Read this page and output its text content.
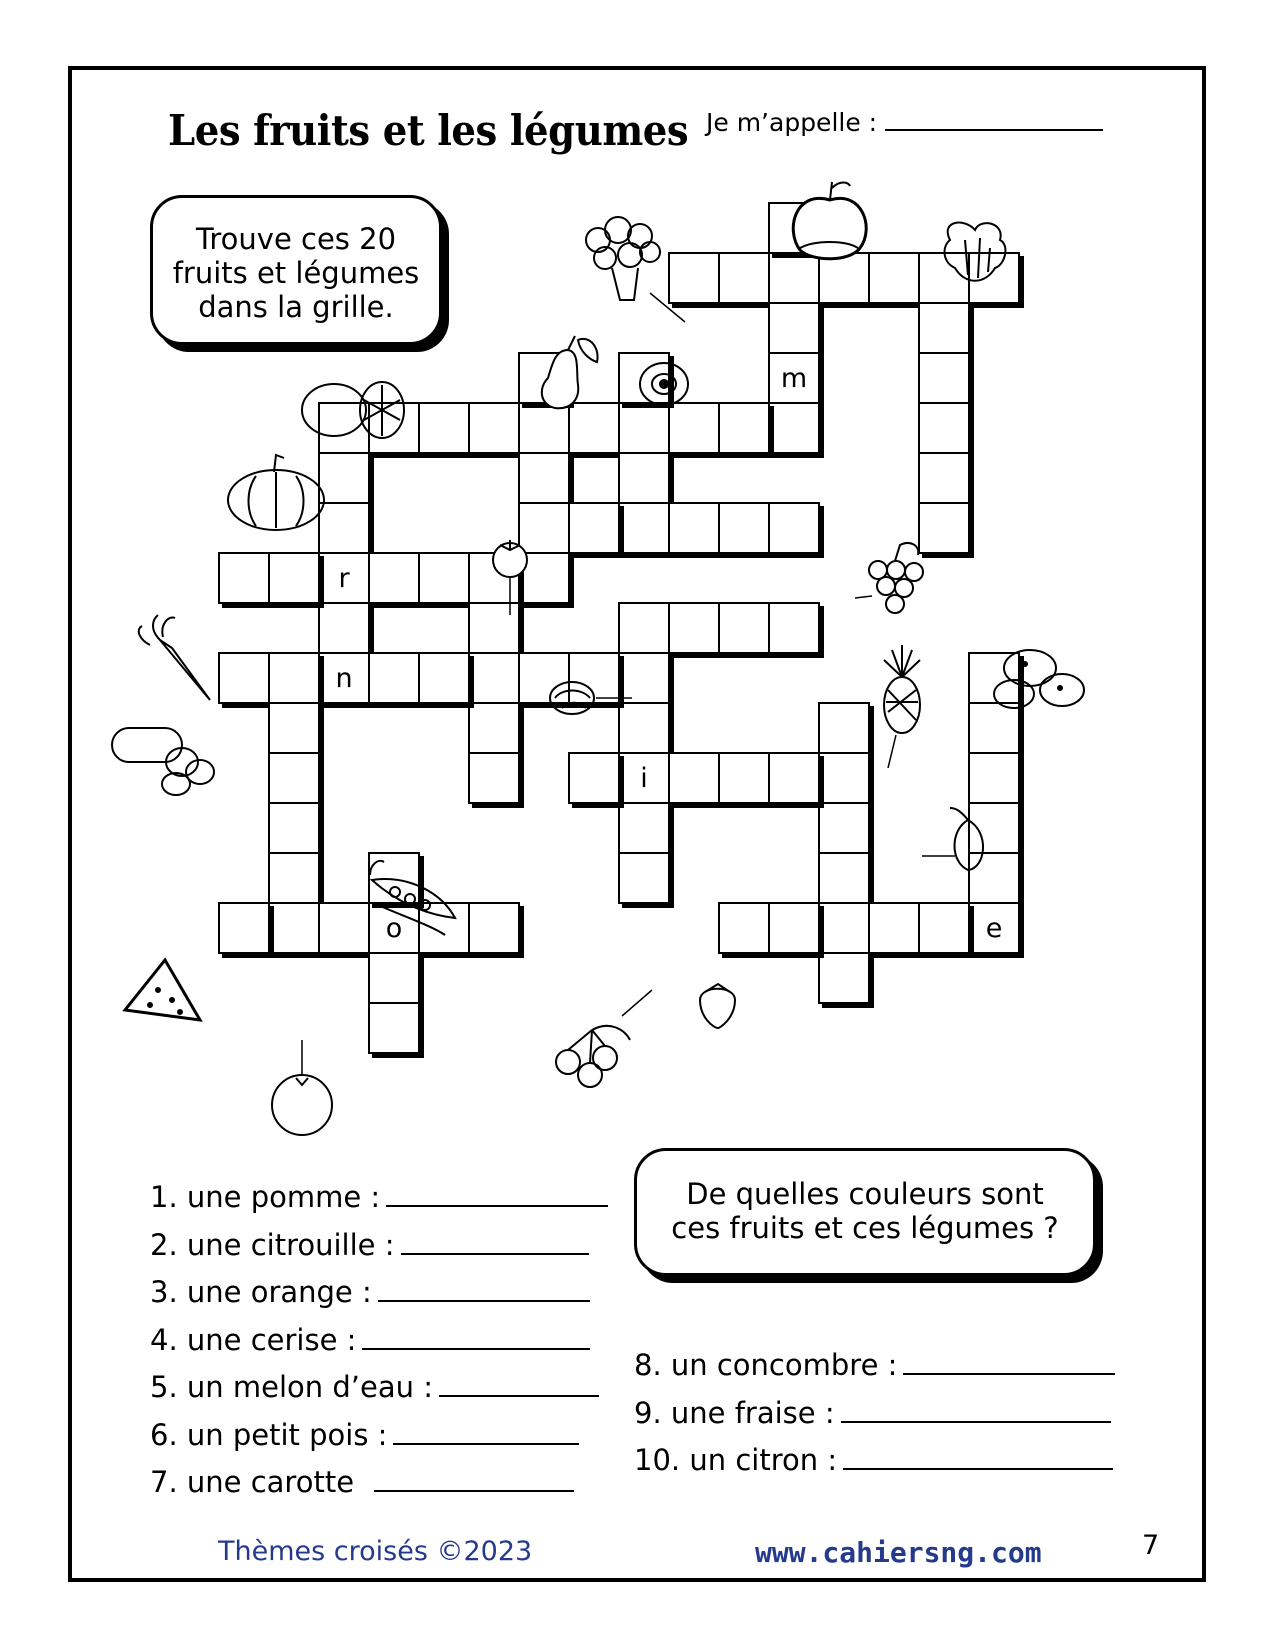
Les fruits et les légumes Je m’appelle :
Trouve ces 20
fruits et légumes
dans la grille.
De quelles couleurs sont
ces fruits et ces légumes ?
m
r
n
i
e
o
1. une pomme :
2. une citrouille :
3. une orange :
4. une cerise :
5. un melon d’eau :
6. un petit pois :
7. une carotte
8. un concombre :
9. une fraise :
10. un citron :
Thèmes croisés ©2023	www.cahiersng.com	7
